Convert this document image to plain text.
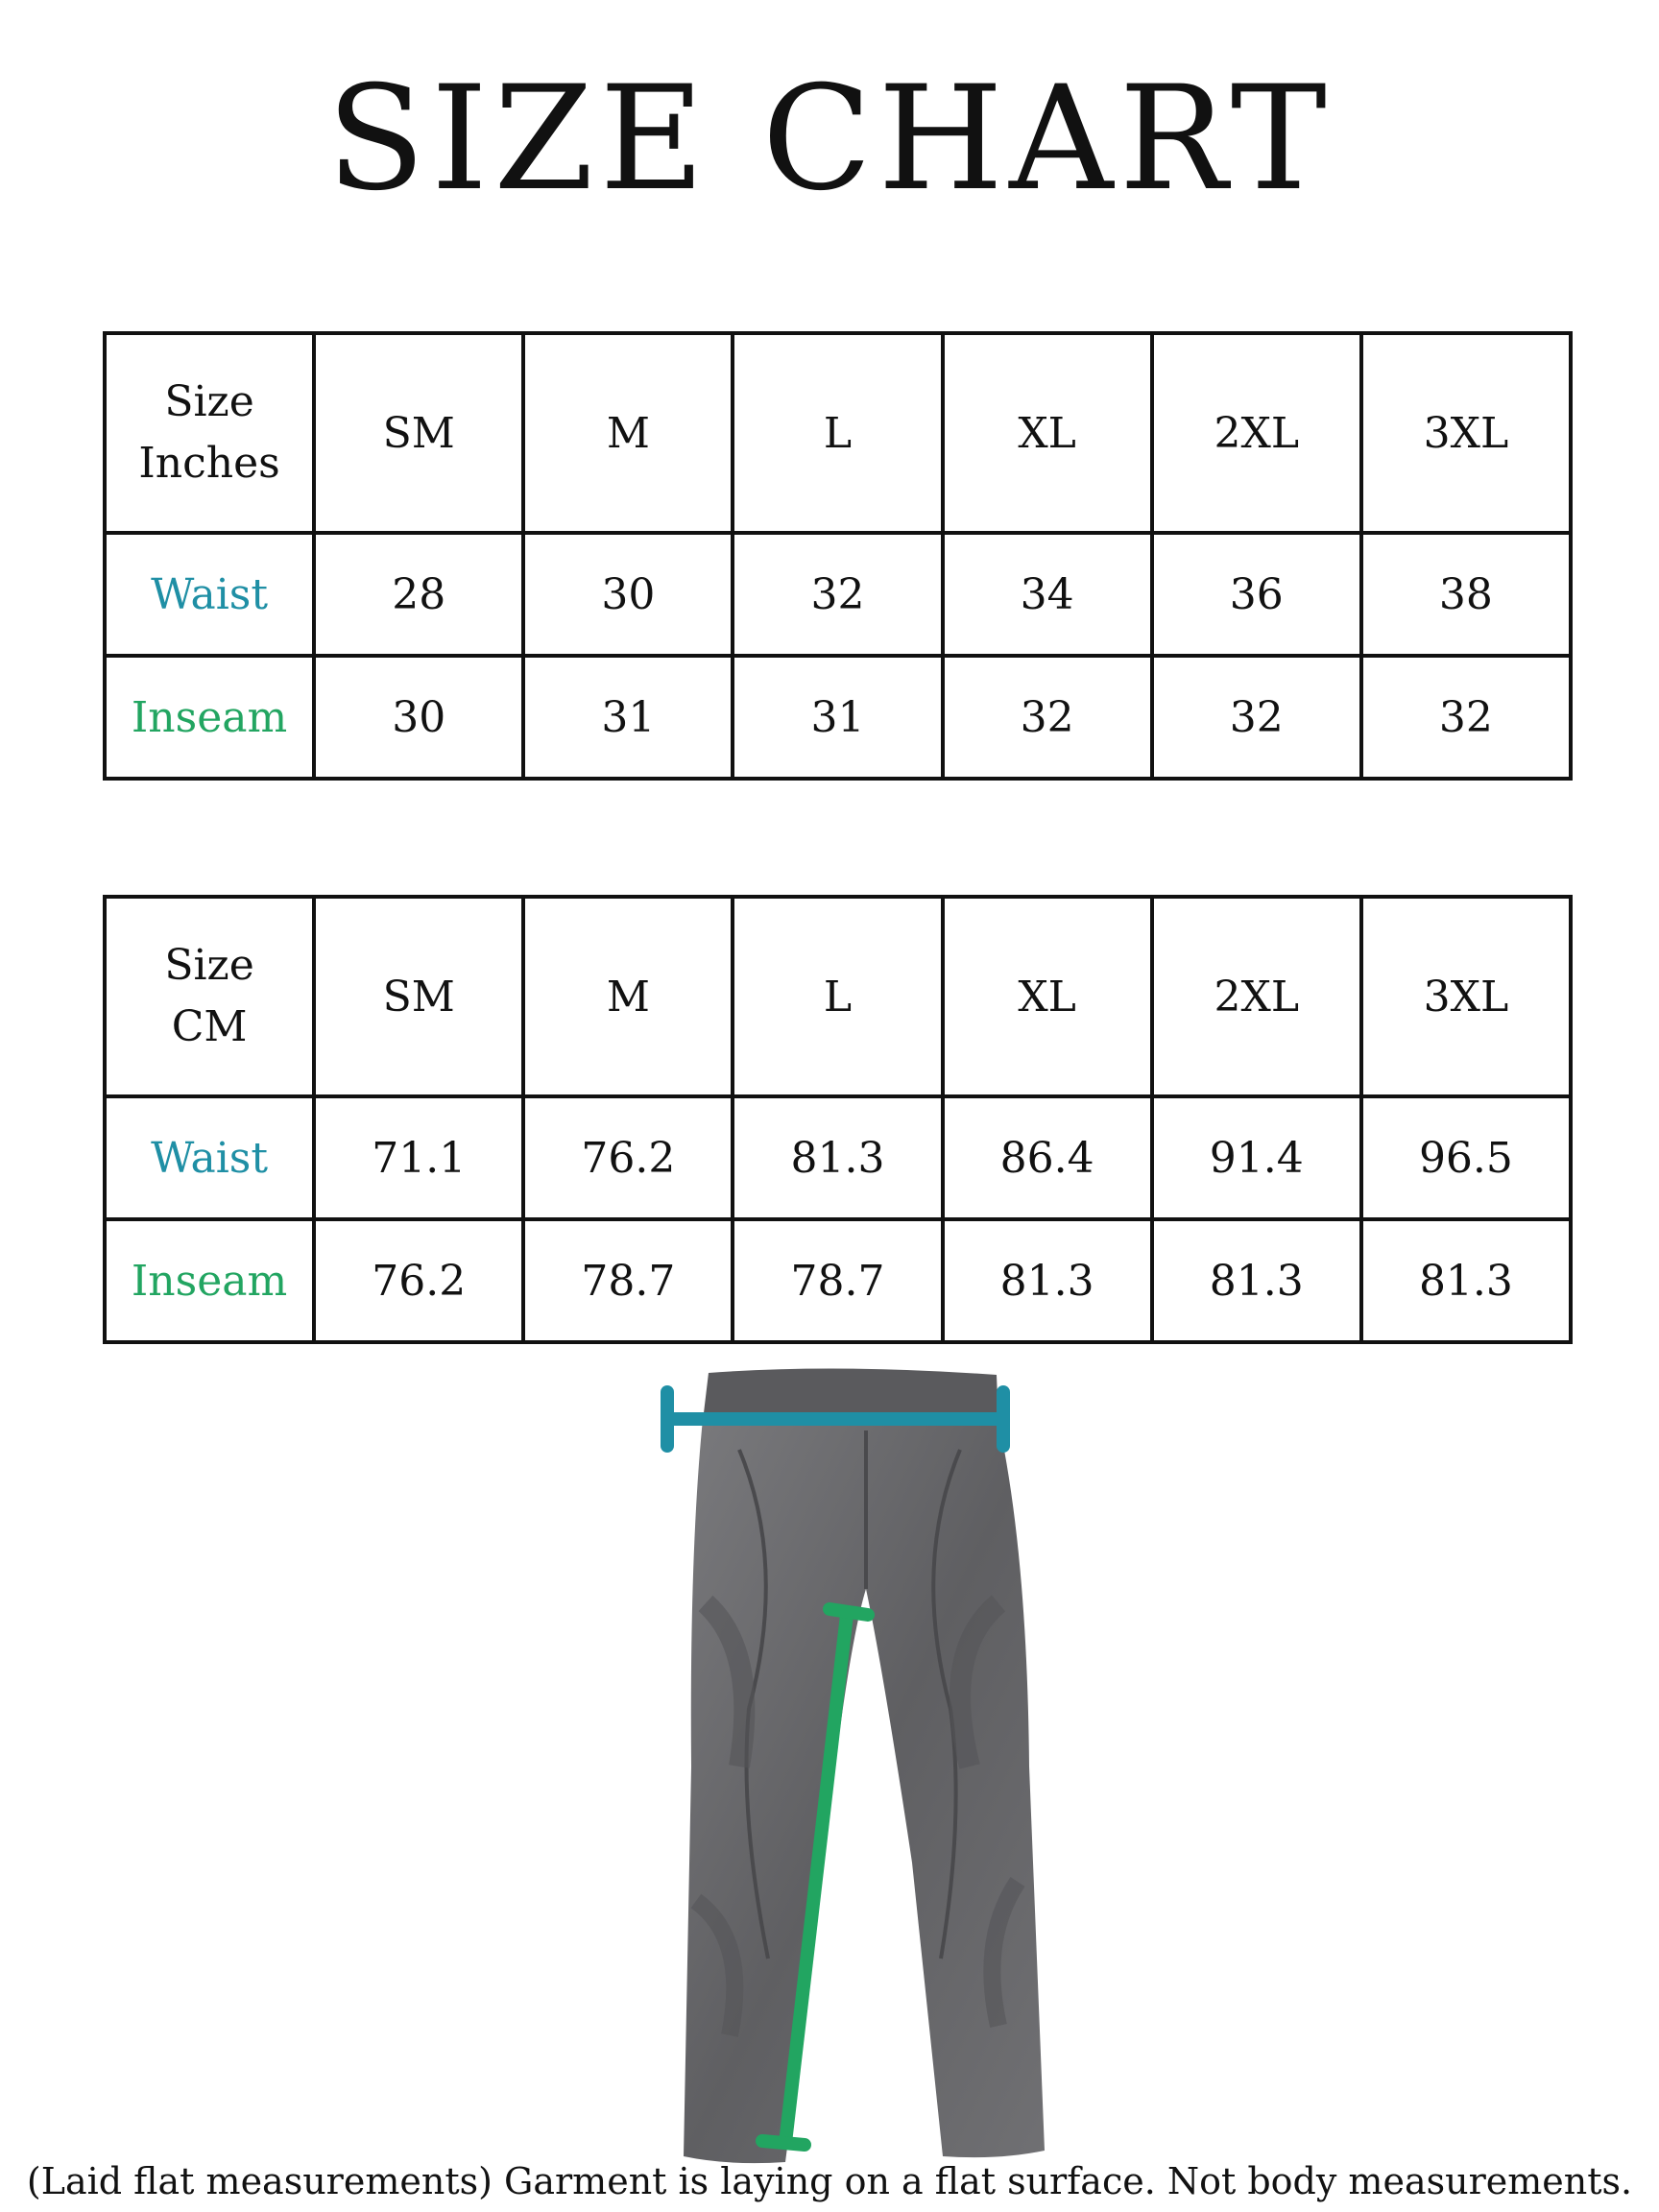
SIZE CHART
Size
Inches	SM	M	L	XL	2XL	3XL
Waist	28	30	32	34	36	38
Inseam	30	31	31	32	32	32
Size
CM	SM	M	L	XL	2XL	3XL
Waist	71.1	76.2	81.3	86.4	91.4	96.5
Inseam	76.2	78.7	78.7	81.3	81.3	81.3
(Laid flat measurements) Garment is laying on a flat surface. Not body measurements.
